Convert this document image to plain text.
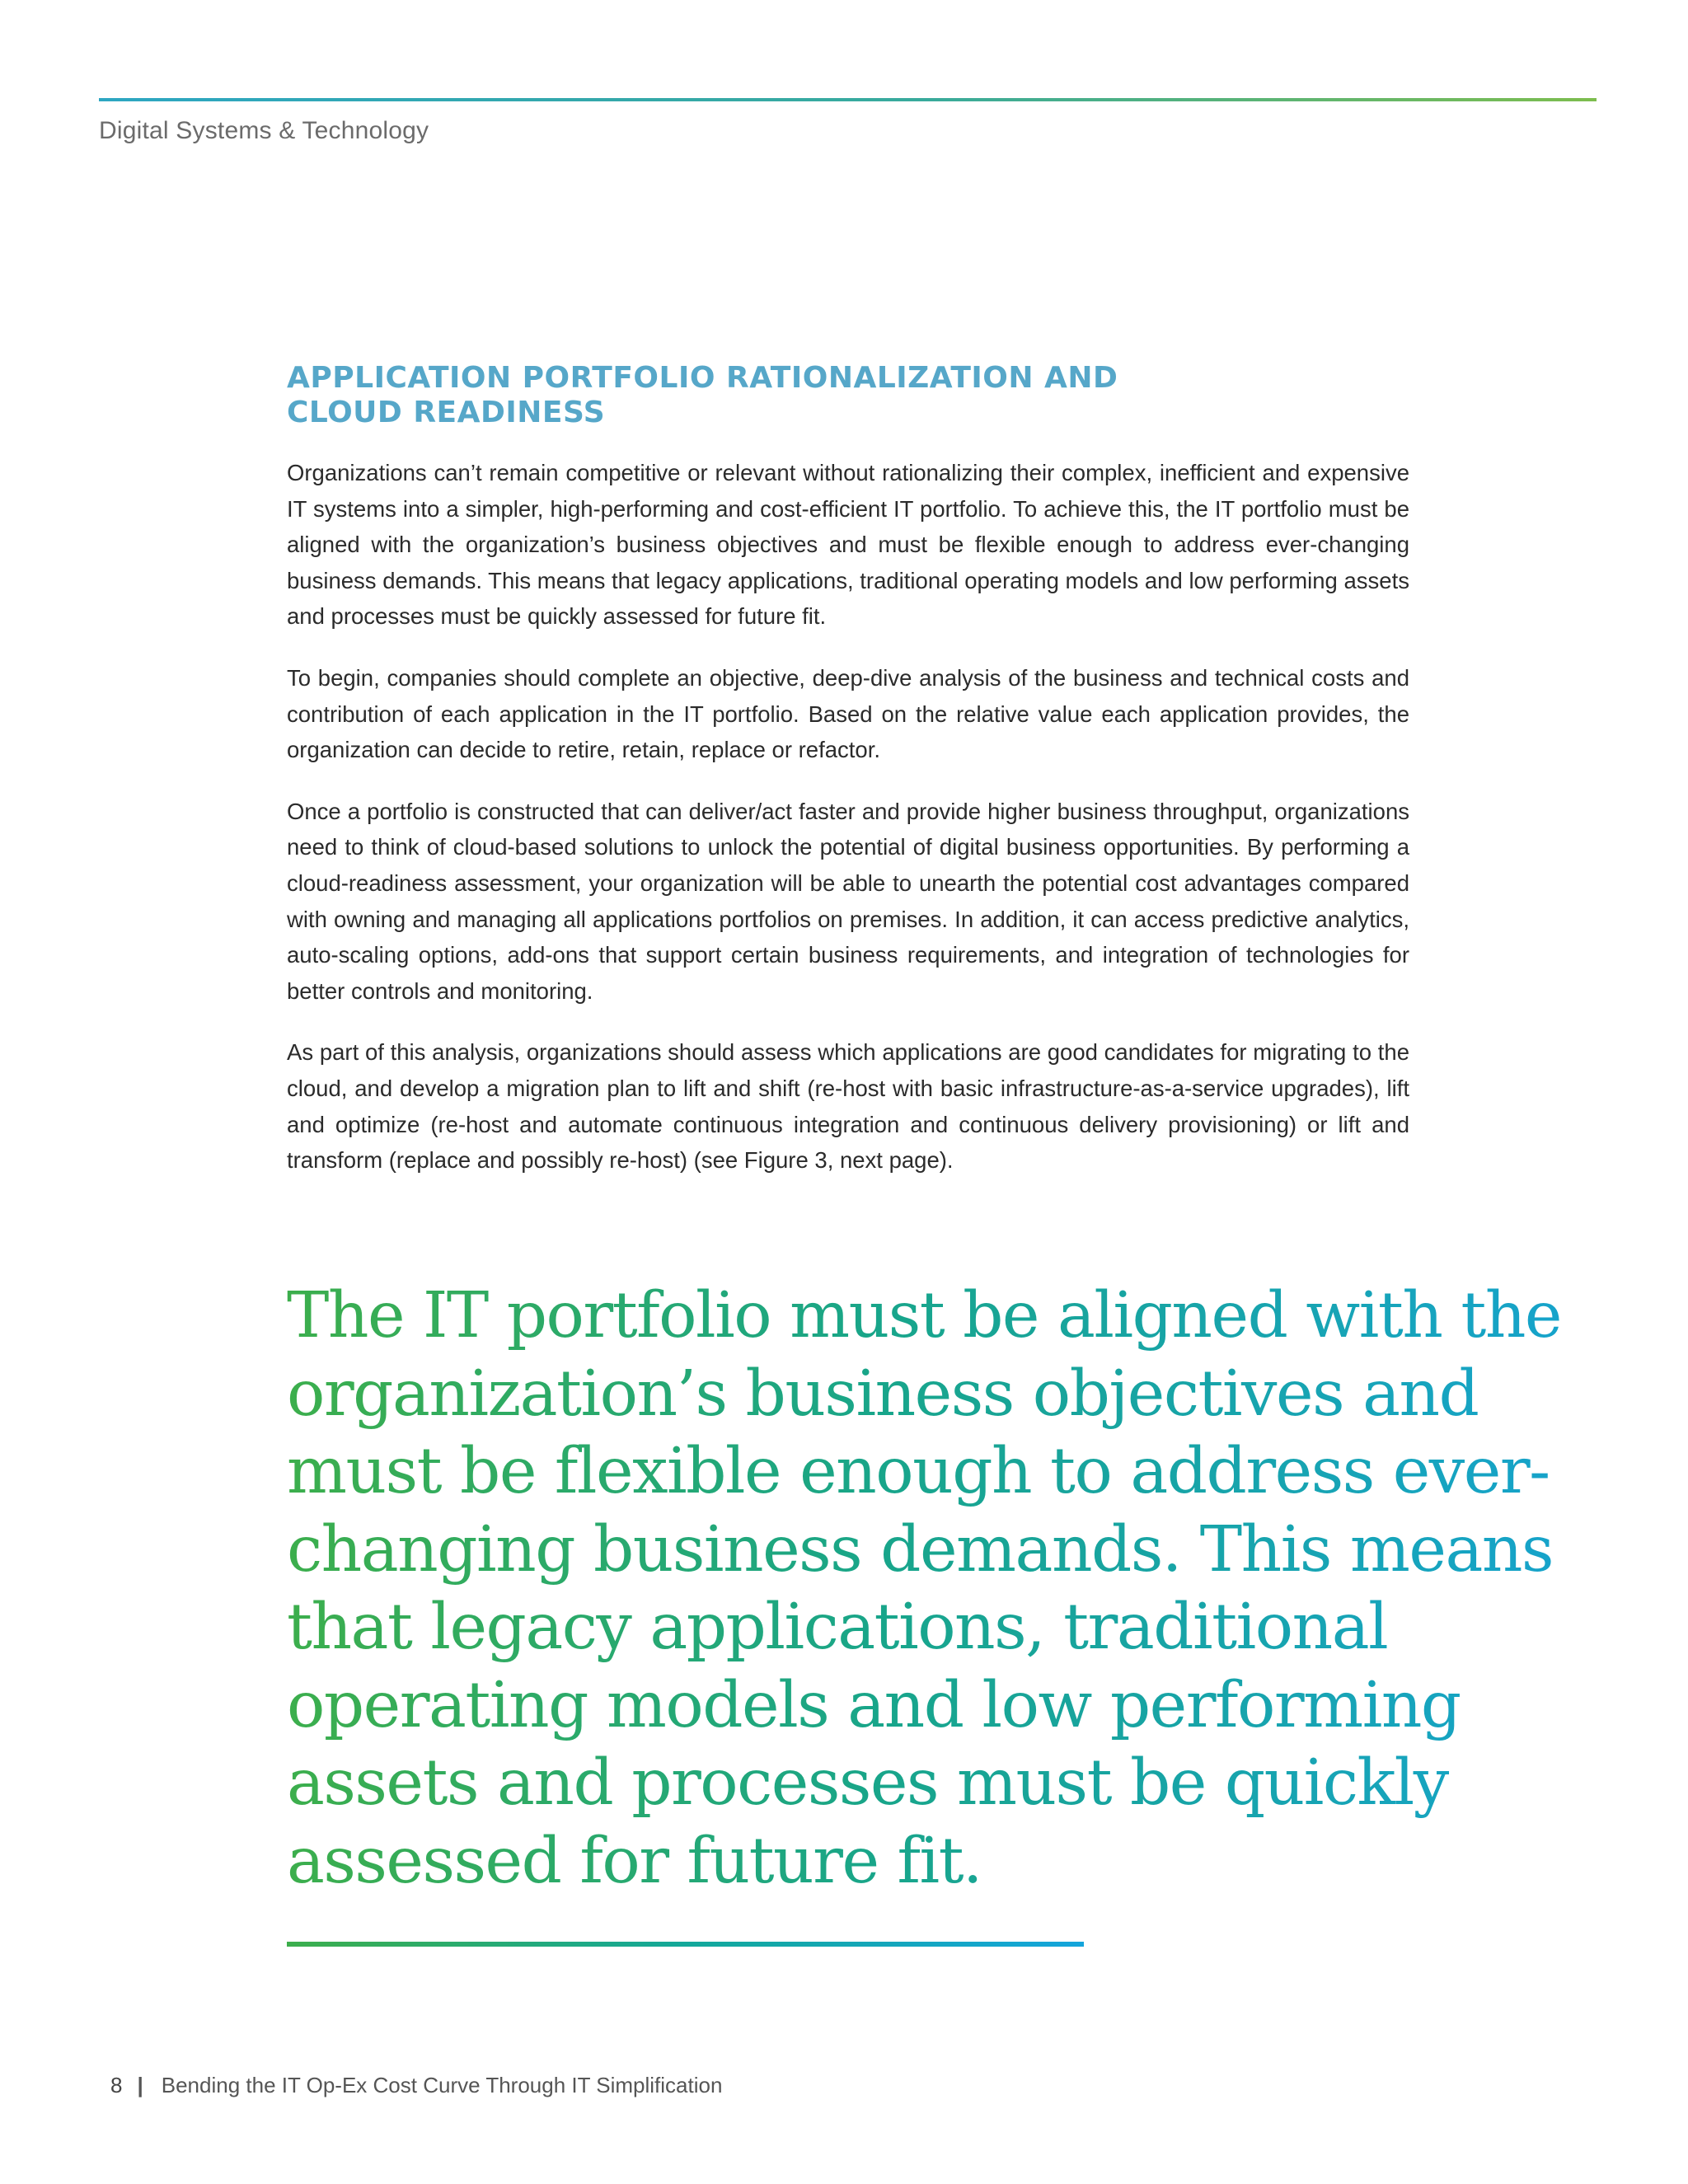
Digital Systems & Technology
APPLICATION PORTFOLIO RATIONALIZATION AND
CLOUD READINESS

Organizations can’t remain competitive or relevant without rationalizing their complex, inefficient and expensive IT systems into a simpler, high-performing and cost-efficient IT portfolio. To achieve this, the IT portfolio must be aligned with the organization’s business objectives and must be flexible enough to address ever-changing business demands. This means that legacy applications, traditional operating models and low performing assets and processes must be quickly assessed for future fit.

To begin, companies should complete an objective, deep-dive analysis of the business and technical costs and contribution of each application in the IT portfolio. Based on the relative value each application provides, the organization can decide to retire, retain, replace or refactor.

Once a portfolio is constructed that can deliver/act faster and provide higher business throughput, organizations need to think of cloud-based solutions to unlock the potential of digital business opportunities. By performing a cloud-readiness assessment, your organization will be able to unearth the potential cost advantages compared with owning and managing all applications portfolios on premises. In addition, it can access predictive analytics, auto-scaling options, add-ons that support certain business requirements, and integration of technologies for better controls and monitoring.

As part of this analysis, organizations should assess which applications are good candidates for migrating to the cloud, and develop a migration plan to lift and shift (re-host with basic infrastructure-as-a-service upgrades), lift and optimize (re-host and automate continuous integration and continuous delivery provisioning) or lift and transform (replace and possibly re-host) (see Figure 3, next page).

The IT portfolio must be aligned with the
organization’s business objectives and
must be flexible enough to address ever-
changing business demands. This means
that legacy applications, traditional
operating models and low performing
assets and processes must be quickly
assessed for future fit.

8 | Bending the IT Op-Ex Cost Curve Through IT Simplification
